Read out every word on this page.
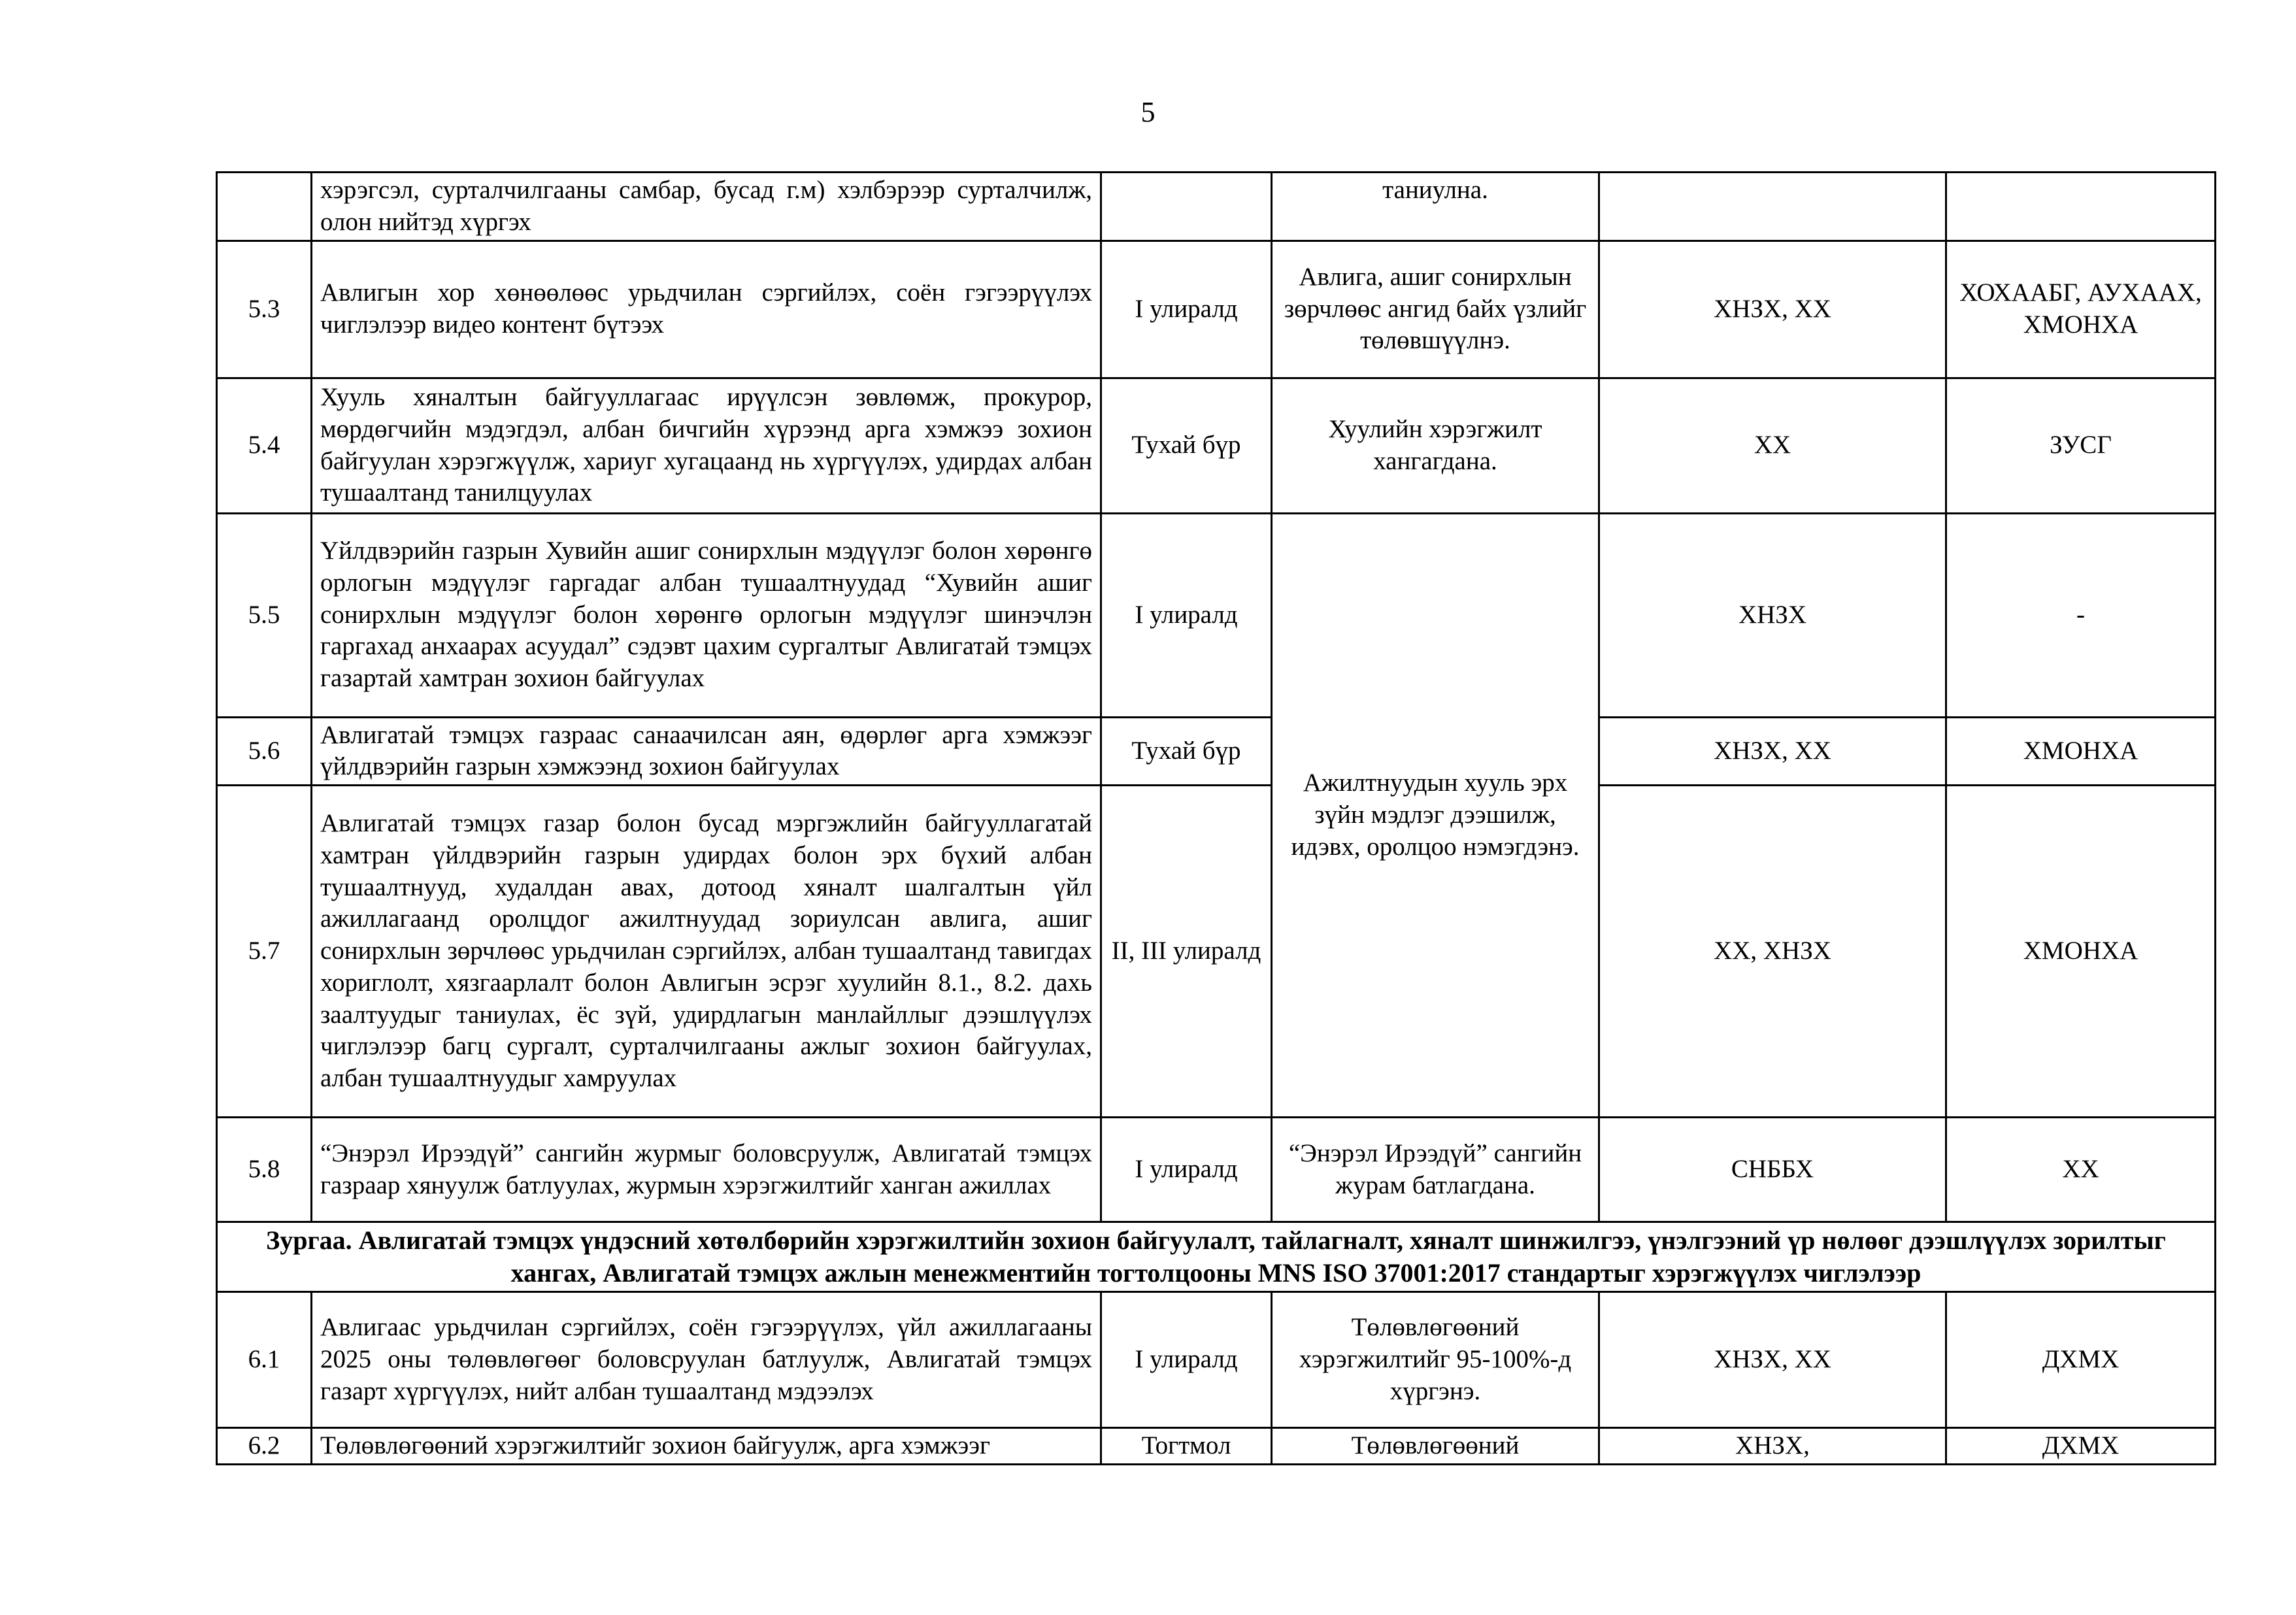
5
	хэрэгсэл, сурталчилгааны самбар, бусад г.м) хэлбэрээр сурталчилж, олон нийтэд хүргэх		таниулна.		
5.3	Авлигын хор хөнөөлөөс урьдчилан сэргийлэх, соён гэгээрүүлэх чиглэлээр видео контент бүтээх	I улиралд	Авлига, ашиг сонирхлын зөрчлөөс ангид байх үзлийг төлөвшүүлнэ.	ХНЗХ, ХХ	ХОХААБГ, АУХААХ, ХМОНХА
5.4	Хууль хяналтын байгууллагаас ирүүлсэн зөвлөмж, прокурор, мөрдөгчийн мэдэгдэл, албан бичгийн хүрээнд арга хэмжээ зохион байгуулан хэрэгжүүлж, хариуг хугацаанд нь хүргүүлэх, удирдах албан тушаалтанд танилцуулах	Тухай бүр	Хуулийн хэрэгжилт хангагдана.	ХХ	ЗУСГ
5.5	Үйлдвэрийн газрын Хувийн ашиг сонирхлын мэдүүлэг болон хөрөнгө орлогын мэдүүлэг гаргадаг албан тушаалтнуудад “Хувийн ашиг сонирхлын мэдүүлэг болон хөрөнгө орлогын мэдүүлэг шинэчлэн гаргахад анхаарах асуудал” сэдэвт цахим сургалтыг Авлигатай тэмцэх газартай хамтран зохион байгуулах	I улиралд	Ажилтнуудын хууль эрх зүйн мэдлэг дээшилж, идэвх, оролцоо нэмэгдэнэ.	ХНЗХ	-
5.6	Авлигатай тэмцэх газраас санаачилсан аян, өдөрлөг арга хэмжээг үйлдвэрийн газрын хэмжээнд зохион байгуулах	Тухай бүр		ХНЗХ, ХХ	ХМОНХА
5.7	Авлигатай тэмцэх газар болон бусад мэргэжлийн байгууллагатай хамтран үйлдвэрийн газрын удирдах болон эрх бүхий албан тушаалтнууд, худалдан авах, дотоод хяналт шалгалтын үйл ажиллагаанд оролцдог ажилтнуудад зориулсан авлига, ашиг сонирхлын зөрчлөөс урьдчилан сэргийлэх, албан тушаалтанд тавигдах хориглолт, хязгаарлалт болон Авлигын эсрэг хуулийн 8.1., 8.2. дахь заалтуудыг таниулах, ёс зүй, удирдлагын манлайллыг дээшлүүлэх чиглэлээр багц сургалт, сурталчилгааны ажлыг зохион байгуулах, албан тушаалтнуудыг хамруулах	II, III улиралд		ХХ, ХНЗХ	ХМОНХА
5.8	“Энэрэл Ирээдүй” сангийн журмыг боловсруулж, Авлигатай тэмцэх газраар хянуулж батлуулах, журмын хэрэгжилтийг ханган ажиллах	I улиралд	“Энэрэл Ирээдүй” сангийн журам батлагдана.	СНББХ	ХХ
Зургаа. Авлигатай тэмцэх үндэсний хөтөлбөрийн хэрэгжилтийн зохион байгуулалт, тайлагналт, хяналт шинжилгээ, үнэлгээний үр нөлөөг дээшлүүлэх зорилтыг хангах, Авлигатай тэмцэх ажлын менежментийн тогтолцооны MNS ISO 37001:2017 стандартыг хэрэгжүүлэх чиглэлээр					
6.1	Авлигаас урьдчилан сэргийлэх, соён гэгээрүүлэх, үйл ажиллагааны 2025 оны төлөвлөгөөг боловсруулан батлуулж, Авлигатай тэмцэх газарт хүргүүлэх, нийт албан тушаалтанд мэдээлэх	I улиралд	Төлөвлөгөөний хэрэгжилтийг 95-100%-д хүргэнэ.	ХНЗХ, ХХ	ДХМХ
6.2	Төлөвлөгөөний хэрэгжилтийг зохион байгуулж, арга хэмжээг	Тогтмол	Төлөвлөгөөний	ХНЗХ,	ДХМХ
